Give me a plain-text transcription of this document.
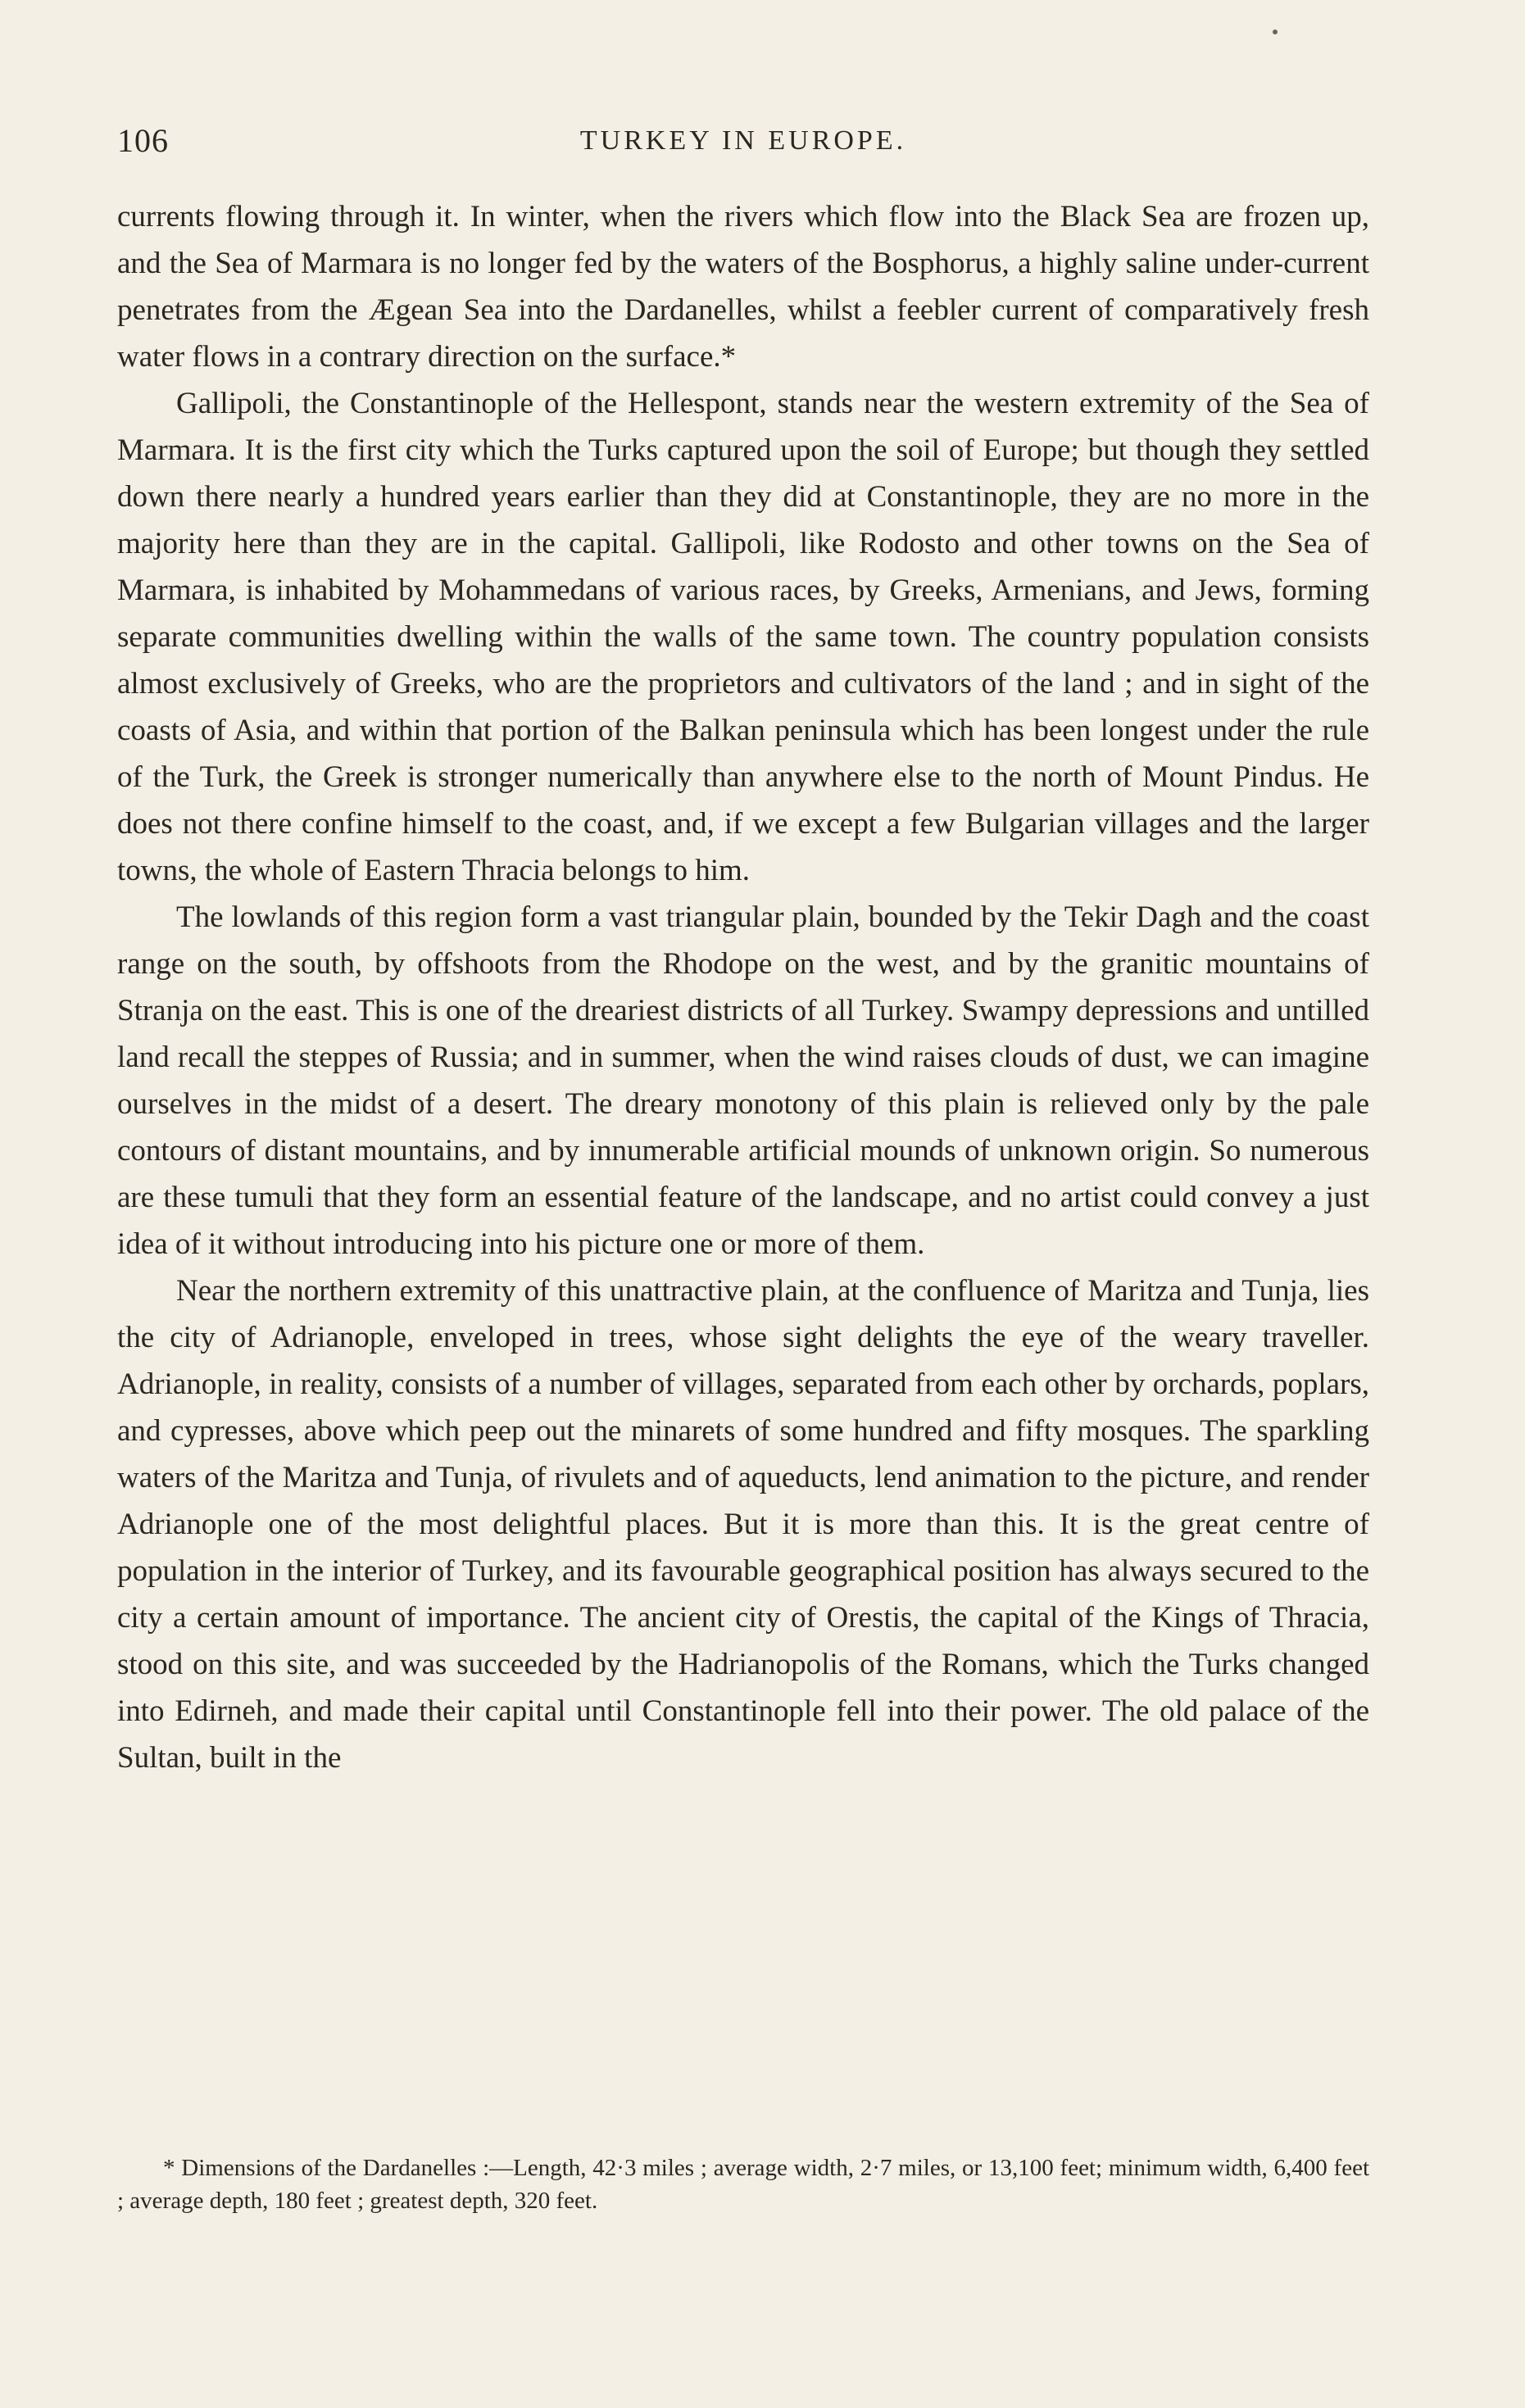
106	TURKEY IN EUROPE.

currents flowing through it. In winter, when the rivers which flow into the Black Sea are frozen up, and the Sea of Marmara is no longer fed by the waters of the Bosphorus, a highly saline under-current penetrates from the Ægean Sea into the Dardanelles, whilst a feebler current of comparatively fresh water flows in a contrary direction on the surface.*

Gallipoli, the Constantinople of the Hellespont, stands near the western extremity of the Sea of Marmara. It is the first city which the Turks captured upon the soil of Europe; but though they settled down there nearly a hundred years earlier than they did at Constantinople, they are no more in the majority here than they are in the capital. Gallipoli, like Rodosto and other towns on the Sea of Marmara, is inhabited by Mohammedans of various races, by Greeks, Armenians, and Jews, forming separate communities dwelling within the walls of the same town. The country population consists almost exclusively of Greeks, who are the proprietors and cultivators of the land ; and in sight of the coasts of Asia, and within that portion of the Balkan peninsula which has been longest under the rule of the Turk, the Greek is stronger numerically than anywhere else to the north of Mount Pindus. He does not there confine himself to the coast, and, if we except a few Bulgarian villages and the larger towns, the whole of Eastern Thracia belongs to him.

The lowlands of this region form a vast triangular plain, bounded by the Tekir Dagh and the coast range on the south, by offshoots from the Rhodope on the west, and by the granitic mountains of Stranja on the east. This is one of the dreariest districts of all Turkey. Swampy depressions and untilled land recall the steppes of Russia; and in summer, when the wind raises clouds of dust, we can imagine ourselves in the midst of a desert. The dreary monotony of this plain is relieved only by the pale contours of distant mountains, and by innumerable artificial mounds of unknown origin. So numerous are these tumuli that they form an essential feature of the landscape, and no artist could convey a just idea of it without introducing into his picture one or more of them.

Near the northern extremity of this unattractive plain, at the confluence of Maritza and Tunja, lies the city of Adrianople, enveloped in trees, whose sight delights the eye of the weary traveller. Adrianople, in reality, consists of a number of villages, separated from each other by orchards, poplars, and cypresses, above which peep out the minarets of some hundred and fifty mosques. The sparkling waters of the Maritza and Tunja, of rivulets and of aqueducts, lend animation to the picture, and render Adrianople one of the most delightful places. But it is more than this. It is the great centre of population in the interior of Turkey, and its favourable geographical position has always secured to the city a certain amount of importance. The ancient city of Orestis, the capital of the Kings of Thracia, stood on this site, and was succeeded by the Hadrianopolis of the Romans, which the Turks changed into Edirneh, and made their capital until Constantinople fell into their power. The old palace of the Sultan, built in the

* Dimensions of the Dardanelles :—Length, 42·3 miles ; average width, 2·7 miles, or 13,100 feet; minimum width, 6,400 feet ; average depth, 180 feet ; greatest depth, 320 feet.
